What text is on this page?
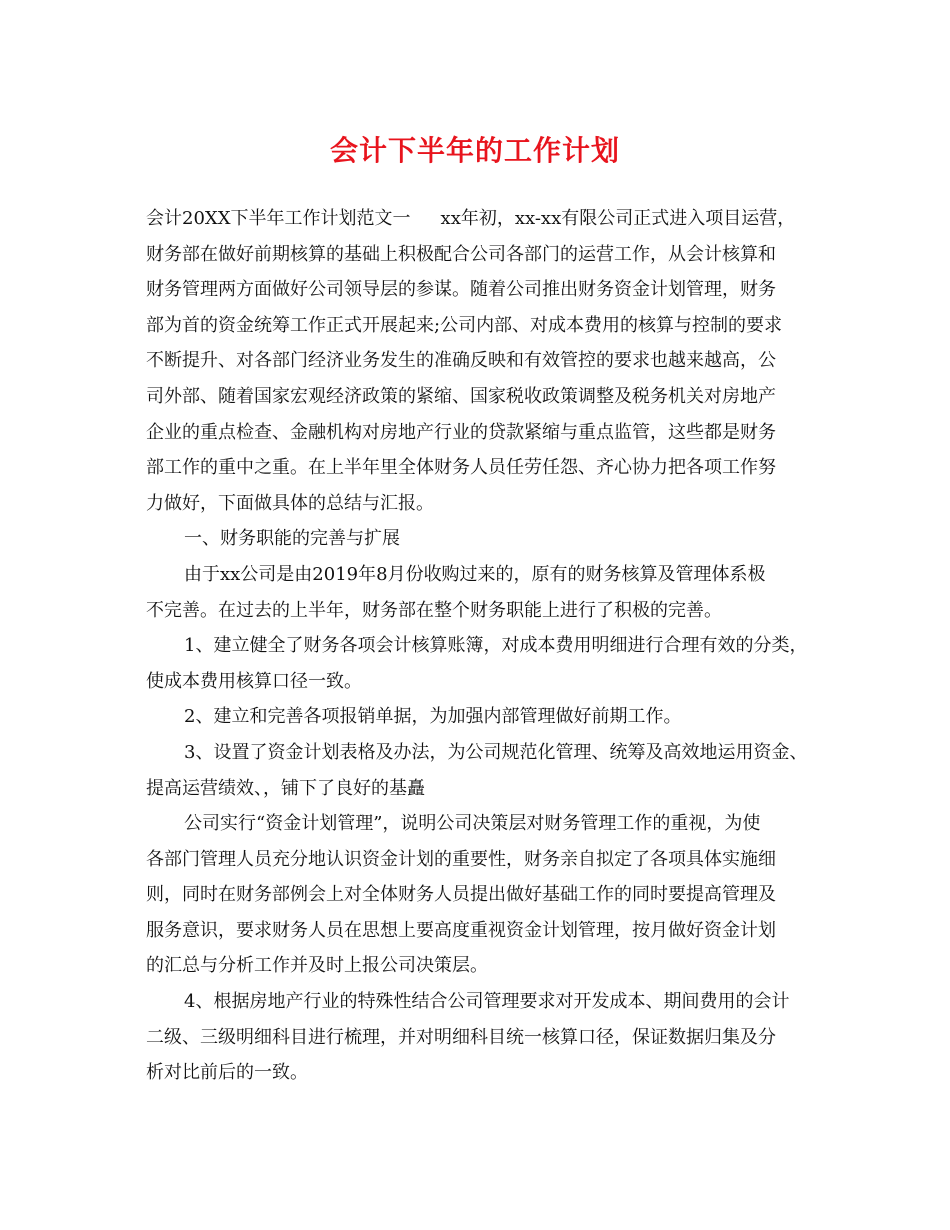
会计下半年的工作计划

会计20XX下半年工作计划范文一 xx年初，xx-xx有限公司正式进入项目运营，

财务部在做好前期核算的基础上积极配合公司各部门的运营工作，从会计核算和

财务管理两方面做好公司领导层的参谋。随着公司推出财务资金计划管理，财务

部为首的资金统筹工作正式开展起来;公司内部、对成本费用的核算与控制的要求

不断提升、对各部门经济业务发生的准确反映和有效管控的要求也越来越高，公

司外部、随着国家宏观经济政策的紧缩、国家税收政策调整及税务机关对房地产

企业的重点检查、金融机构对房地产行业的贷款紧缩与重点监管，这些都是财务

部工作的重中之重。在上半年里全体财务人员任劳任怨、齐心协力把各项工作努

力做好，下面做具体的总结与汇报。

一、财务职能的完善与扩展

由于xx公司是由2019年8月份收购过来的，原有的财务核算及管理体系极

不完善。在过去的上半年，财务部在整个财务职能上进行了积极的完善。

1、建立健全了财务各项会计核算账簿，对成本费用明细进行合理有效的分类，

使成本费用核算口径一致。

2、建立和完善各项报销单据，为加强内部管理做好前期工作。

3、设置了资金计划表格及办法，为公司规范化管理、统筹及高效地运用资金、

提高运营绩效、，铺下了良好的基矗

公司实行“资金计划管理”，说明公司决策层对财务管理工作的重视，为使

各部门管理人员充分地认识资金计划的重要性，财务亲自拟定了各项具体实施细

则，同时在财务部例会上对全体财务人员提出做好基础工作的同时要提高管理及

服务意识，要求财务人员在思想上要高度重视资金计划管理，按月做好资金计划

的汇总与分析工作并及时上报公司决策层。

4、根据房地产行业的特殊性结合公司管理要求对开发成本、期间费用的会计

二级、三级明细科目进行梳理，并对明细科目统一核算口径，保证数据归集及分

析对比前后的一致。
